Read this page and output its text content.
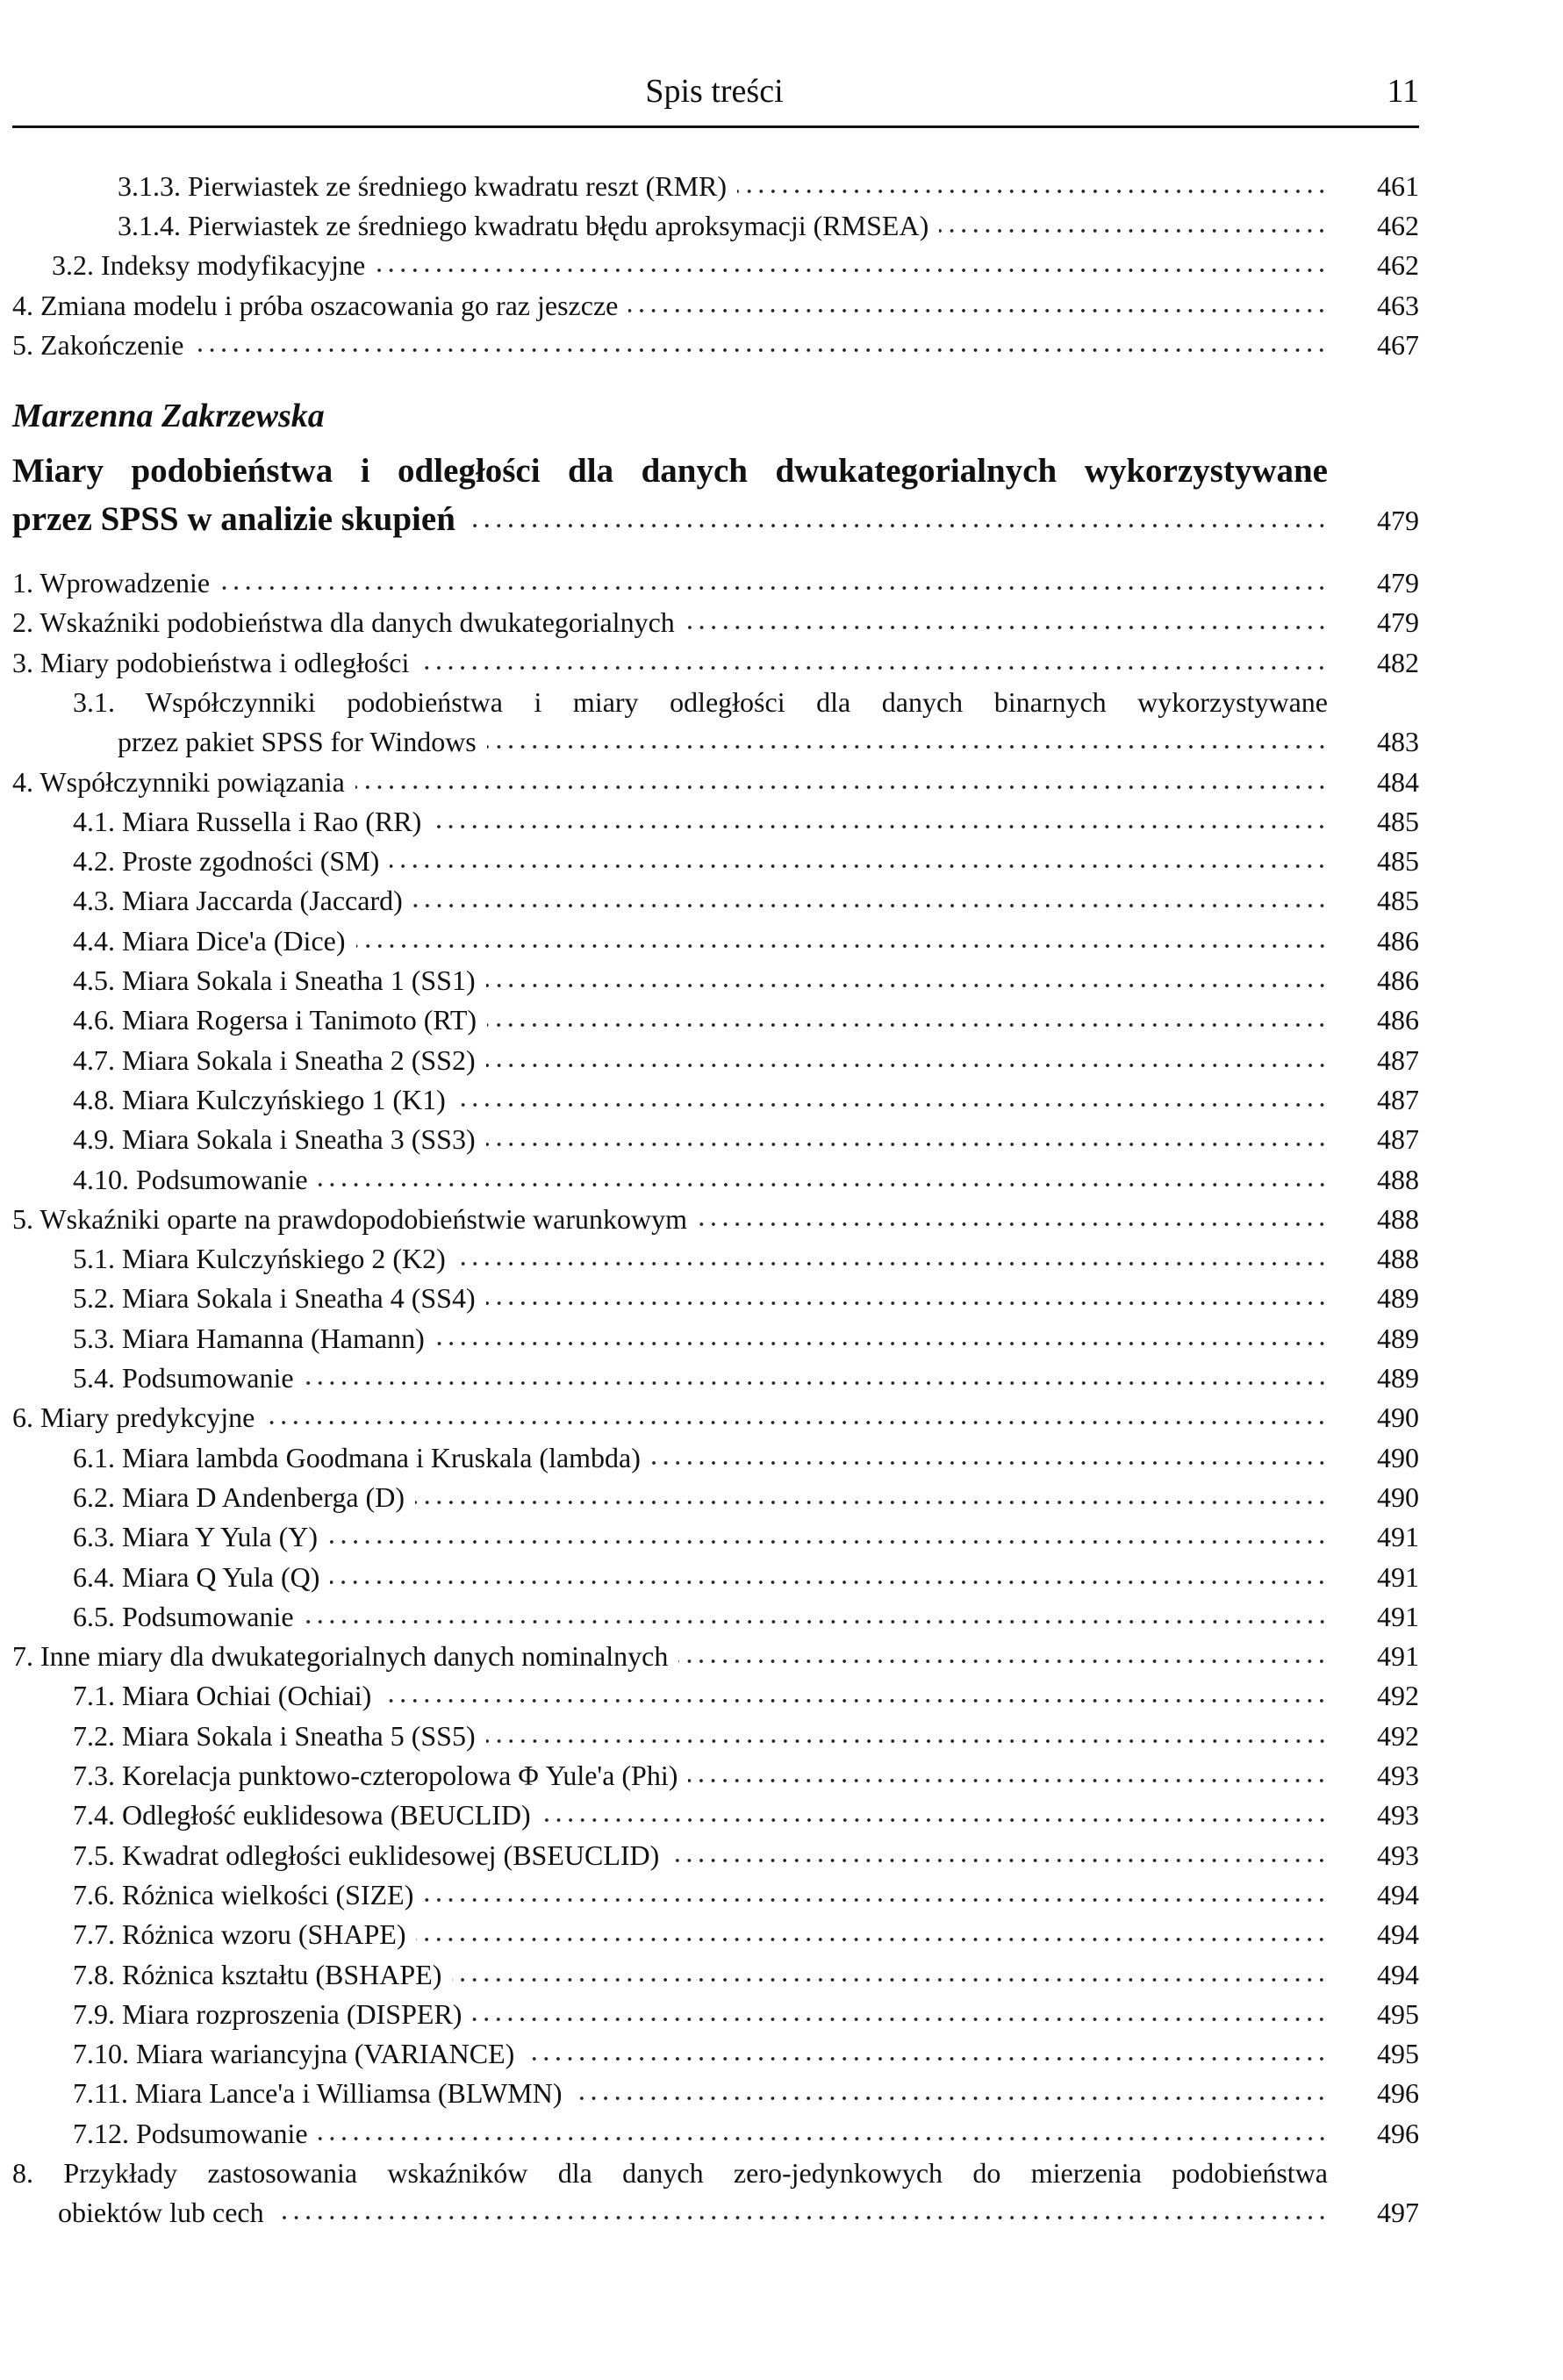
Spis treści	11
Marzenna Zakrzewska
3.1.3. Pierwiastek ze średniego kwadratu reszt (RMR)	461
3.1.4. Pierwiastek ze średniego kwadratu błędu aproksymacji (RMSEA)	462
3.2. Indeksy modyfikacyjne	462
4. Zmiana modelu i próba oszacowania go raz jeszcze	463
5. Zakończenie	467
Miary podobieństwa i odległości dla danych dwukategorialnych wykorzystywane
przez SPSS w analizie skupień	479
1. Wprowadzenie	479
2. Wskaźniki podobieństwa dla danych dwukategorialnych	479
3. Miary podobieństwa i odległości	482
3.1. Współczynniki podobieństwa i miary odległości dla danych binarnych wykorzystywane
przez pakiet SPSS for Windows	483
4. Współczynniki powiązania	484
4.1. Miara Russella i Rao (RR)	485
4.2. Proste zgodności (SM)	485
4.3. Miara Jaccarda (Jaccard)	485
4.4. Miara Dice'a (Dice)	486
4.5. Miara Sokala i Sneatha 1 (SS1)	486
4.6. Miara Rogersa i Tanimoto (RT)	486
4.7. Miara Sokala i Sneatha 2 (SS2)	487
4.8. Miara Kulczyńskiego 1 (K1)	487
4.9. Miara Sokala i Sneatha 3 (SS3)	487
4.10. Podsumowanie	488
5. Wskaźniki oparte na prawdopodobieństwie warunkowym	488
5.1. Miara Kulczyńskiego 2 (K2)	488
5.2. Miara Sokala i Sneatha 4 (SS4)	489
5.3. Miara Hamanna (Hamann)	489
5.4. Podsumowanie	489
6. Miary predykcyjne	490
6.1. Miara lambda Goodmana i Kruskala (lambda)	490
6.2. Miara D Andenberga (D)	490
6.3. Miara Y Yula (Y)	491
6.4. Miara Q Yula (Q)	491
6.5. Podsumowanie	491
7. Inne miary dla dwukategorialnych danych nominalnych	491
7.1. Miara Ochiai (Ochiai)	492
7.2. Miara Sokala i Sneatha 5 (SS5)	492
7.3. Korelacja punktowo-czteropolowa Φ Yule'a (Phi)	493
7.4. Odległość euklidesowa (BEUCLID)	493
7.5. Kwadrat odległości euklidesowej (BSEUCLID)	493
7.6. Różnica wielkości (SIZE)	494
7.7. Różnica wzoru (SHAPE)	494
7.8. Różnica kształtu (BSHAPE)	494
7.9. Miara rozproszenia (DISPER)	495
7.10. Miara wariancyjna (VARIANCE)	495
7.11. Miara Lance'a i Williamsa (BLWMN)	496
7.12. Podsumowanie	496
8. Przykłady zastosowania wskaźników dla danych zero-jedynkowych do mierzenia podobieństwa
obiektów lub cech	497
